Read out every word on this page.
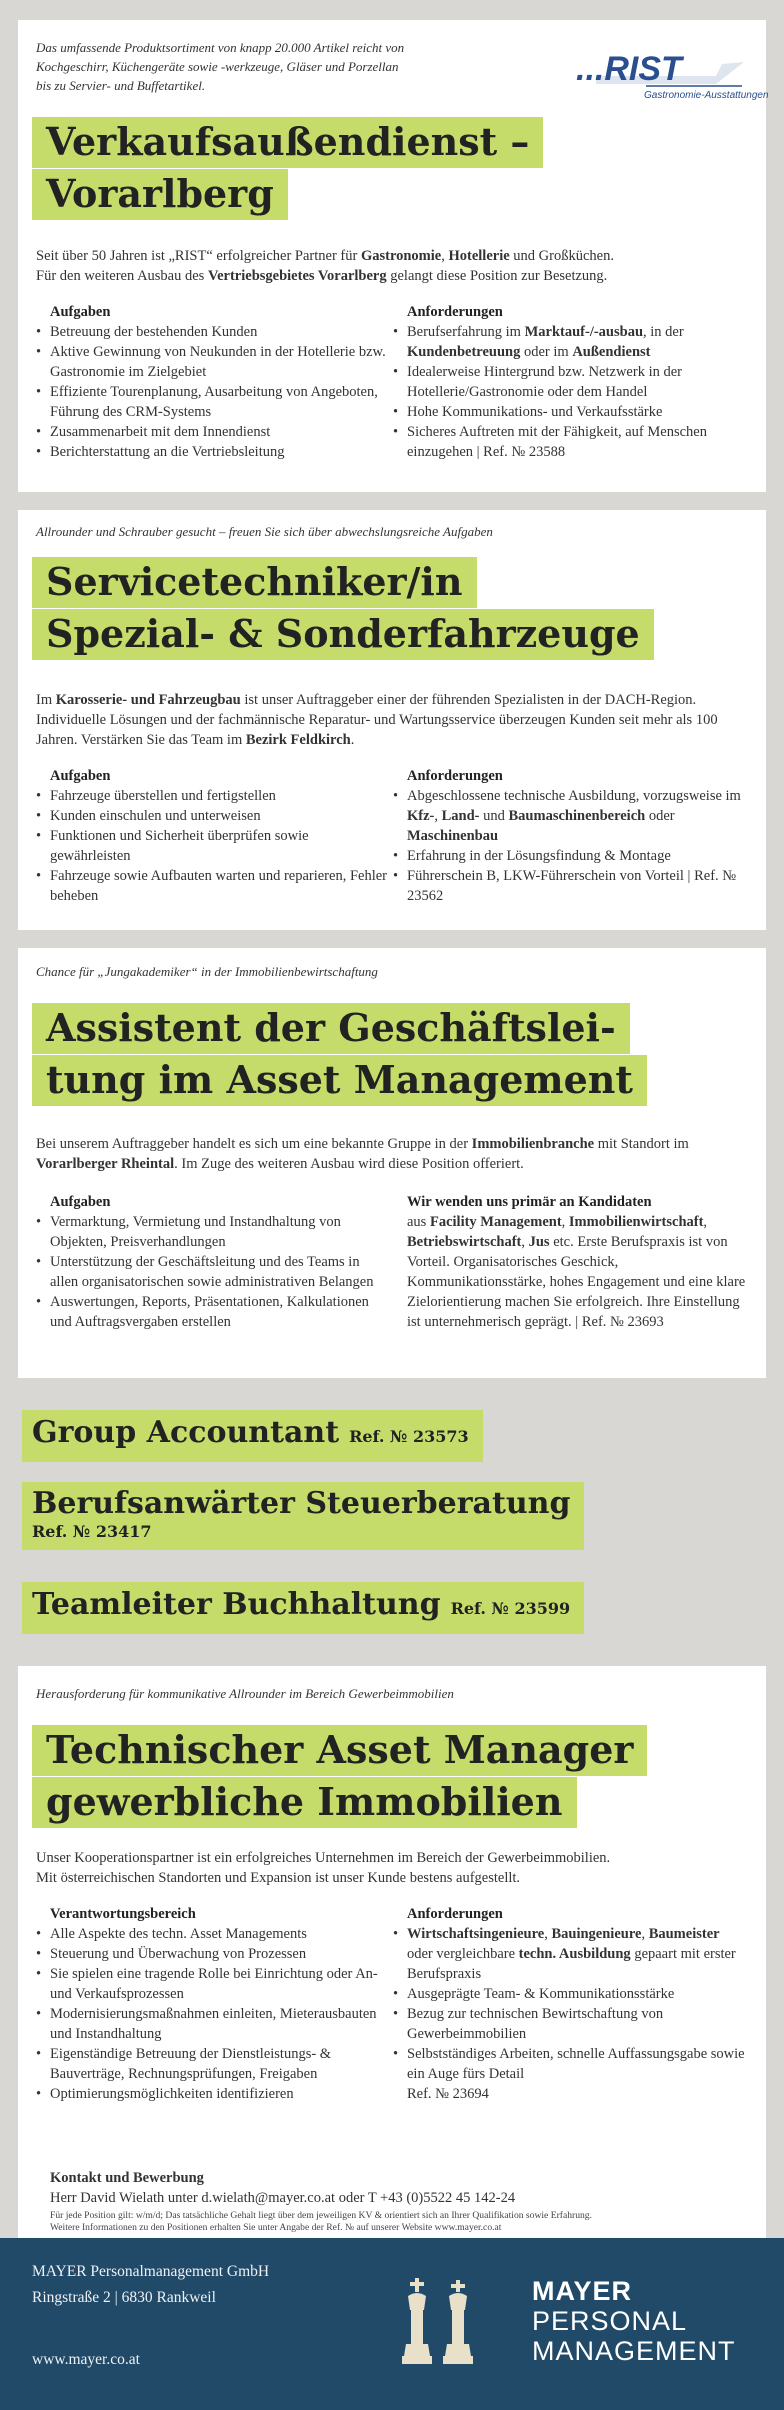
Das umfassende Produktsortiment von knapp 20.000 Artikel reicht von
Kochgeschirr, Küchengeräte sowie -werkzeuge, Gläser und Porzellan
bis zu Servier- und Buffetartikel.	...RIST
Gastronomie-Ausstattungen
Verkaufsaußendienst –
Vorarlberg
Seit über 50 Jahren ist „RIST“ erfolgreicher Partner für Gastronomie, Hotellerie und Großküchen.
Für den weiteren Ausbau des Vertriebsgebietes Vorarlberg gelangt diese Position zur Besetzung.
Aufgaben
• Betreuung der bestehenden Kunden
• Aktive Gewinnung von Neukunden in der Hotellerie bzw. Gastronomie im Zielgebiet
• Effiziente Tourenplanung, Ausarbeitung von Angeboten, Führung des CRM-Systems
• Zusammenarbeit mit dem Innendienst
• Berichterstattung an die Vertriebsleitung
Anforderungen
• Berufserfahrung im Marktauf-/-ausbau, in der Kundenbetreuung oder im Außendienst
• Idealerweise Hintergrund bzw. Netzwerk in der Hotellerie/Gastronomie oder dem Handel
• Hohe Kommunikations- und Verkaufsstärke
• Sicheres Auftreten mit der Fähigkeit, auf Menschen einzugehen | Ref. № 23588
Allrounder und Schrauber gesucht – freuen Sie sich über abwechslungsreiche Aufgaben
Servicetechniker/in
Spezial- & Sonderfahrzeuge
Im Karosserie- und Fahrzeugbau ist unser Auftraggeber einer der führenden Spezialisten in der DACH-Region. Individuelle Lösungen und der fachmännische Reparatur- und Wartungsservice überzeugen Kunden seit mehr als 100 Jahren. Verstärken Sie das Team im Bezirk Feldkirch.
Aufgaben
• Fahrzeuge überstellen und fertigstellen
• Kunden einschulen und unterweisen
• Funktionen und Sicherheit überprüfen sowie gewährleisten
• Fahrzeuge sowie Aufbauten warten und reparieren, Fehler beheben
Anforderungen
• Abgeschlossene technische Ausbildung, vorzugsweise im Kfz-, Land- und Baumaschinenbereich oder Maschinenbau
• Erfahrung in der Lösungsfindung & Montage
• Führerschein B, LKW-Führerschein von Vorteil | Ref. № 23562
Chance für „Jungakademiker“ in der Immobilienbewirtschaftung
Assistent der Geschäftslei-
tung im Asset Management
Bei unserem Auftraggeber handelt es sich um eine bekannte Gruppe in der Immobilienbranche mit Standort im Vorarlberger Rheintal. Im Zuge des weiteren Ausbau wird diese Position offeriert.
Aufgaben
• Vermarktung, Vermietung und Instandhaltung von Objekten, Preisverhandlungen
• Unterstützung der Geschäftsleitung und des Teams in allen organisatorischen sowie administrativen Belangen
• Auswertungen, Reports, Präsentationen, Kalkulationen und Auftragsvergaben erstellen
Wir wenden uns primär an Kandidaten
aus Facility Management, Immobilienwirtschaft, Betriebswirtschaft, Jus etc. Erste Berufspraxis ist von Vorteil. Organisatorisches Geschick, Kommunikationsstärke, hohes Engagement und eine klare Zielorientierung machen Sie erfolgreich. Ihre Einstellung ist unternehmerisch geprägt. | Ref. № 23693
Group Accountant Ref. № 23573
Berufsanwärter Steuerberatung
Ref. № 23417
Teamleiter Buchhaltung Ref. № 23599
Herausforderung für kommunikative Allrounder im Bereich Gewerbeimmobilien
Technischer Asset Manager
gewerbliche Immobilien
Unser Kooperationspartner ist ein erfolgreiches Unternehmen im Bereich der Gewerbeimmobilien.
Mit österreichischen Standorten und Expansion ist unser Kunde bestens aufgestellt.
Verantwortungsbereich
• Alle Aspekte des techn. Asset Managements
• Steuerung und Überwachung von Prozessen
• Sie spielen eine tragende Rolle bei Einrichtung oder An- und Verkaufsprozessen
• Modernisierungsmaßnahmen einleiten, Mieterausbauten und Instandhaltung
• Eigenständige Betreuung der Dienstleistungs- & Bauverträge, Rechnungsprüfungen, Freigaben
• Optimierungsmöglichkeiten identifizieren
Anforderungen
• Wirtschaftsingenieure, Bauingenieure, Baumeister oder vergleichbare techn. Ausbildung gepaart mit erster Berufspraxis
• Ausgeprägte Team- & Kommunikationsstärke
• Bezug zur technischen Bewirtschaftung von Gewerbeimmobilien
• Selbstständiges Arbeiten, schnelle Auffassungsgabe sowie ein Auge fürs Detail
Ref. № 23694
Kontakt und Bewerbung
Herr David Wielath unter d.wielath@mayer.co.at oder T +43 (0)5522 45 142-24
Für jede Position gilt: w/m/d; Das tatsächliche Gehalt liegt über dem jeweiligen KV & orientiert sich an Ihrer Qualifikation sowie Erfahrung.
Weitere Informationen zu den Positionen erhalten Sie unter Angabe der Ref. № auf unserer Website www.mayer.co.at
MAYER Personalmanagement GmbH
Ringstraße 2 | 6830 Rankweil
www.mayer.co.at
MAYER
PERSONAL
MANAGEMENT
